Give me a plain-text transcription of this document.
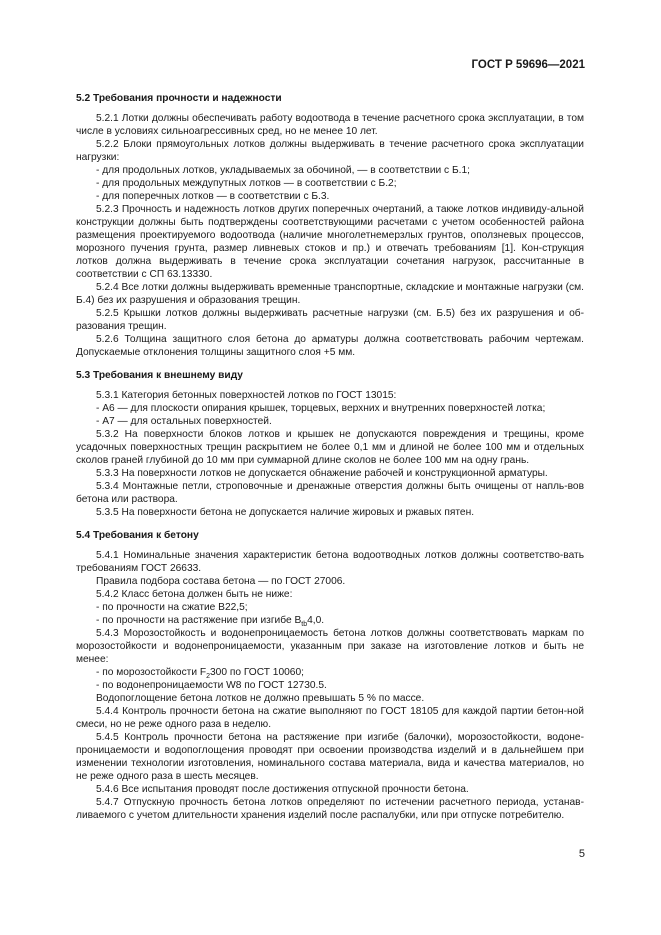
ГОСТ Р 59696—2021
5.2 Требования прочности и надежности

5.2.1 Лотки должны обеспечивать работу водоотвода в течение расчетного срока эксплуатации, в том числе в условиях сильноагрессивных сред, но не менее 10 лет.

5.2.2 Блоки прямоугольных лотков должны выдерживать в течение расчетного срока эксплуатации нагрузки:

- для продольных лотков, укладываемых за обочиной, — в соответствии с Б.1;

- для продольных междупутных лотков — в соответствии с Б.2;

- для поперечных лотков — в соответствии с Б.3.

5.2.3 Прочность и надежность лотков других поперечных очертаний, а также лотков индивиду-альной конструкции должны быть подтверждены соответствующими расчетами с учетом особенностей района размещения проектируемого водоотвода (наличие многолетнемерзлых грунтов, оползневых процессов, морозного пучения грунта, размер ливневых стоков и пр.) и отвечать требованиям [1]. Кон-струкция лотков должна выдерживать в течение срока эксплуатации сочетания нагрузок, рассчитанные в соответствии с СП 63.13330.

5.2.4 Все лотки должны выдерживать временные транспортные, складские и монтажные нагрузки (см. Б.4) без их разрушения и образования трещин.

5.2.5 Крышки лотков должны выдерживать расчетные нагрузки (см. Б.5) без их разрушения и об-разования трещин.

5.2.6 Толщина защитного слоя бетона до арматуры должна соответствовать рабочим чертежам. Допускаемые отклонения толщины защитного слоя +5 мм.

5.3 Требования к внешнему виду

5.3.1 Категория бетонных поверхностей лотков по ГОСТ 13015:

- А6 — для плоскости опирания крышек, торцевых, верхних и внутренних поверхностей лотка;

- А7 — для остальных поверхностей.

5.3.2 На поверхности блоков лотков и крышек не допускаются повреждения и трещины, кроме усадочных поверхностных трещин раскрытием не более 0,1 мм и длиной не более 100 мм и отдельных сколов граней глубиной до 10 мм при суммарной длине сколов не более 100 мм на одну грань.

5.3.3 На поверхности лотков не допускается обнажение рабочей и конструкционной арматуры.

5.3.4 Монтажные петли, строповочные и дренажные отверстия должны быть очищены от напль-вов бетона или раствора.

5.3.5 На поверхности бетона не допускается наличие жировых и ржавых пятен.

5.4 Требования к бетону

5.4.1 Номинальные значения характеристик бетона водоотводных лотков должны соответство-вать требованиям ГОСТ 26633.

Правила подбора состава бетона — по ГОСТ 27006.

5.4.2 Класс бетона должен быть не ниже:

- по прочности на сжатие В22,5;

- по прочности на растяжение при изгибе $В_{tb}4,0$.

5.4.3 Морозостойкость и водонепроницаемость бетона лотков должны соответствовать маркам по морозостойкости и водонепроницаемости, указанным при заказе на изготовление лотков и быть не менее:

- по морозостойкости $F_2300$ по ГОСТ 10060;

- по водонепроницаемости W8 по ГОСТ 12730.5.

Водопоглощение бетона лотков не должно превышать 5 % по массе.

5.4.4 Контроль прочности бетона на сжатие выполняют по ГОСТ 18105 для каждой партии бетон-ной смеси, но не реже одного раза в неделю.

5.4.5 Контроль прочности бетона на растяжение при изгибе (балочки), морозостойкости, водоне-проницаемости и водопоглощения проводят при освоении производства изделий и в дальнейшем при изменении технологии изготовления, номинального состава материала, вида и качества материалов, но не реже одного раза в шесть месяцев.

5.4.6 Все испытания проводят после достижения отпускной прочности бетона.

5.4.7 Отпускную прочность бетона лотков определяют по истечении расчетного периода, устанав-ливаемого с учетом длительности хранения изделий после распалубки, или при отпуске потребителю.

5
